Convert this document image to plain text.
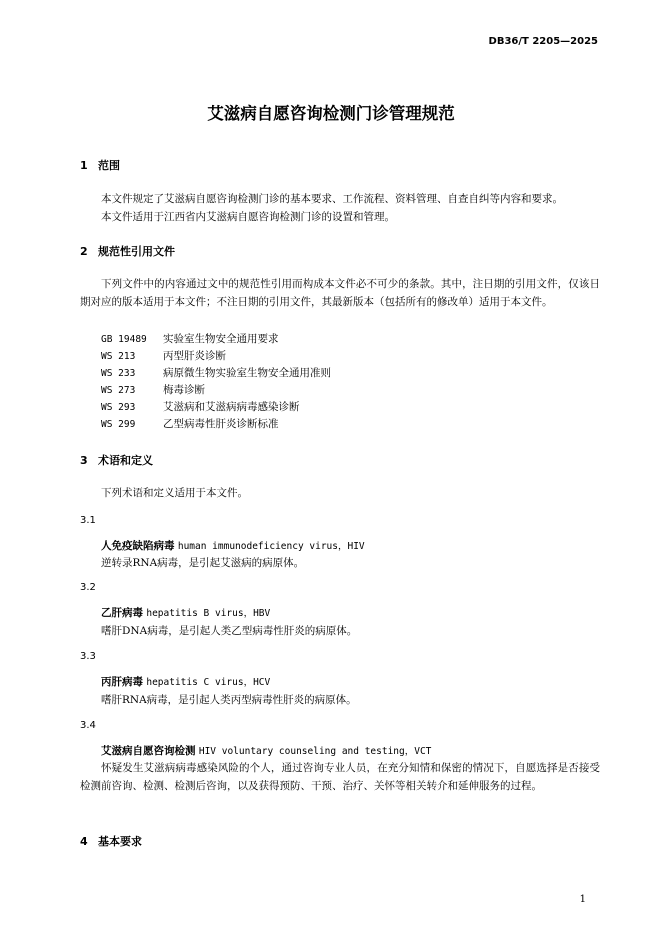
DB36/T 2205—2025
艾滋病自愿咨询检测门诊管理规范
1 范围
本文件规定了艾滋病自愿咨询检测门诊的基本要求、工作流程、资料管理、自查自纠等内容和要求。
本文件适用于江西省内艾滋病自愿咨询检测门诊的设置和管理。
2 规范性引用文件
下列文件中的内容通过文中的规范性引用而构成本文件必不可少的条款。其中，注日期的引用文件，仅该日期对应的版本适用于本文件；不注日期的引用文件，其最新版本（包括所有的修改单）适用于本文件。
GB 19489 实验室生物安全通用要求
WS 213	丙型肝炎诊断
WS 233	病原微生物实验室生物安全通用准则
WS 273	梅毒诊断
WS 293	艾滋病和艾滋病病毒感染诊断
WS 299	乙型病毒性肝炎诊断标准
3 术语和定义
下列术语和定义适用于本文件。
3.1
人免疫缺陷病毒 human immunodeficiency virus，HIV
逆转录RNA病毒，是引起艾滋病的病原体。
3.2
乙肝病毒 hepatitis B virus，HBV
嗜肝DNA病毒，是引起人类乙型病毒性肝炎的病原体。
3.3
丙肝病毒 hepatitis C virus，HCV
嗜肝RNA病毒，是引起人类丙型病毒性肝炎的病原体。
3.4
艾滋病自愿咨询检测 HIV voluntary counseling and testing，VCT
怀疑发生艾滋病病毒感染风险的个人，通过咨询专业人员，在充分知情和保密的情况下，自愿选择是否接受检测前咨询、检测、检测后咨询，以及获得预防、干预、治疗、关怀等相关转介和延伸服务的过程。
4 基本要求
1
